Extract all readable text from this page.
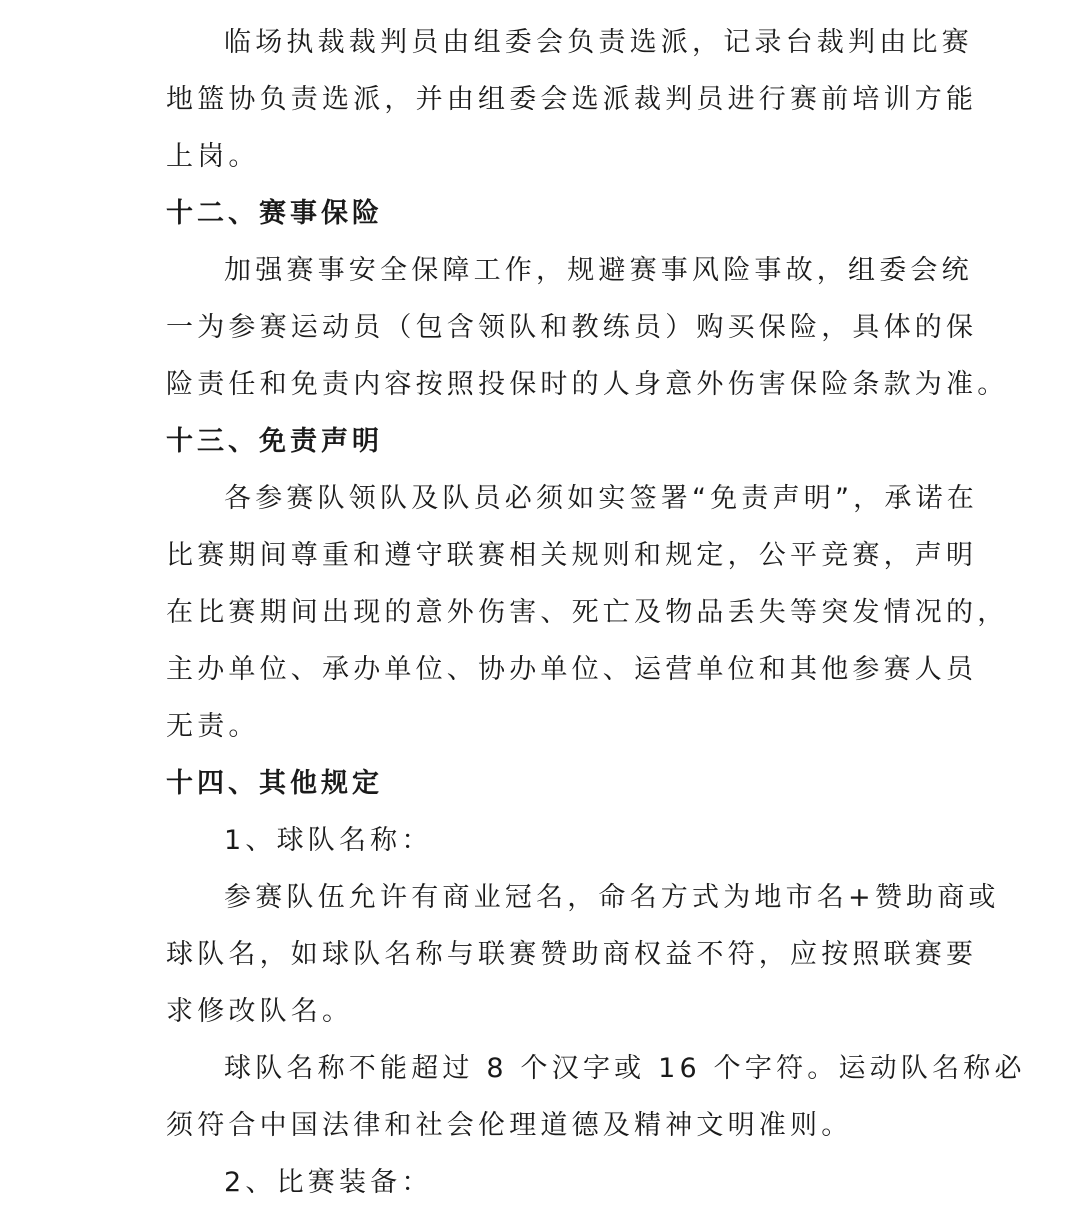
临场执裁裁判员由组委会负责选派，记录台裁判由比赛
地篮协负责选派，并由组委会选派裁判员进行赛前培训方能
上岗。
十二、赛事保险
加强赛事安全保障工作，规避赛事风险事故，组委会统
一为参赛运动员（包含领队和教练员）购买保险，具体的保
险责任和免责内容按照投保时的人身意外伤害保险条款为准。
十三、免责声明
各参赛队领队及队员必须如实签署“免责声明”，承诺在
比赛期间尊重和遵守联赛相关规则和规定，公平竞赛，声明
在比赛期间出现的意外伤害、死亡及物品丢失等突发情况的，
主办单位、承办单位、协办单位、运营单位和其他参赛人员
无责。
十四、其他规定
1、球队名称：
参赛队伍允许有商业冠名，命名方式为地市名+赞助商或
球队名，如球队名称与联赛赞助商权益不符，应按照联赛要
求修改队名。
球队名称不能超过 8 个汉字或 16 个字符。运动队名称必
须符合中国法律和社会伦理道德及精神文明准则。
2、比赛装备：
